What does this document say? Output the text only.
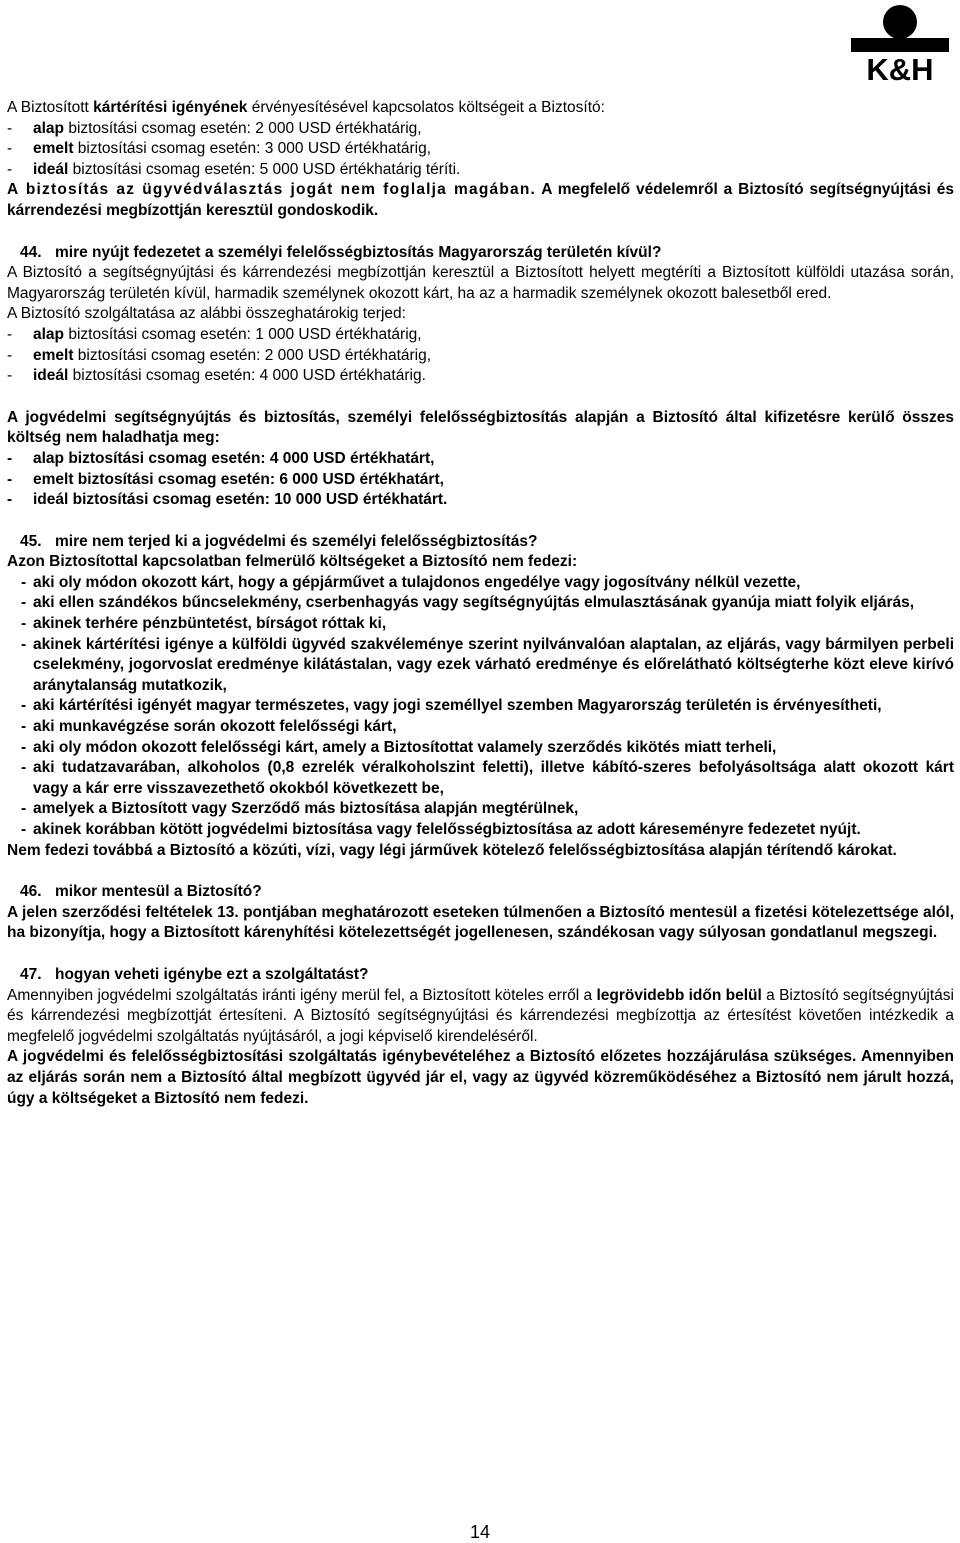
K&H

A Biztosított kártérítési igényének érvényesítésével kapcsolatos költségeit a Biztosító:

-	alap biztosítási csomag esetén: 2 000 USD értékhatárig,
-	emelt biztosítási csomag esetén: 3 000 USD értékhatárig,
-	ideál biztosítási csomag esetén: 5 000 USD értékhatárig téríti.

A biztosítás az ügyvédválasztás jogát nem foglalja magában. A megfelelő védelemről a Biztosító segítségnyújtási és kárrendezési megbízottján keresztül gondoskodik.

44. mire nyújt fedezetet a személyi felelősségbiztosítás Magyarország területén kívül?

A Biztosító a segítségnyújtási és kárrendezési megbízottján keresztül a Biztosított helyett megtéríti a Biztosított külföldi utazása során, Magyarország területén kívül, harmadik személynek okozott kárt, ha az a harmadik személynek okozott balesetből ered.

A Biztosító szolgáltatása az alábbi összeghatárokig terjed:

-	alap biztosítási csomag esetén: 1 000 USD értékhatárig,
-	emelt biztosítási csomag esetén: 2 000 USD értékhatárig,
-	ideál biztosítási csomag esetén: 4 000 USD értékhatárig.

A jogvédelmi segítségnyújtás és biztosítás, személyi felelősségbiztosítás alapján a Biztosító által kifizetésre kerülő összes költség nem haladhatja meg:

-	alap biztosítási csomag esetén: 4 000 USD értékhatárt,
-	emelt biztosítási csomag esetén: 6 000 USD értékhatárt,
-	ideál biztosítási csomag esetén: 10 000 USD értékhatárt.

45. mire nem terjed ki a jogvédelmi és személyi felelősségbiztosítás?

Azon Biztosítottal kapcsolatban felmerülő költségeket a Biztosító nem fedezi:

- aki oly módon okozott kárt, hogy a gépjárművet a tulajdonos engedélye vagy jogosítvány nélkül vezette,
- aki ellen szándékos bűncselekmény, cserbenhagyás vagy segítségnyújtás elmulasztásának gyanúja miatt folyik eljárás,
- akinek terhére pénzbüntetést, bírságot róttak ki,
- akinek kártérítési igénye a külföldi ügyvéd szakvéleménye szerint nyilvánvalóan alaptalan, az eljárás, vagy bármilyen perbeli cselekmény, jogorvoslat eredménye kilátástalan, vagy ezek várható eredménye és előrelátható költségterhe közt eleve kirívó aránytalanság mutatkozik,
- aki kártérítési igényét magyar természetes, vagy jogi személlyel szemben Magyarország területén is érvényesítheti,
- aki munkavégzése során okozott felelősségi kárt,
- aki oly módon okozott felelősségi kárt, amely a Biztosítottat valamely szerződés kikötés miatt terheli,
- aki tudatzavarában, alkoholos (0,8 ezrelék véralkoholszint feletti), illetve kábító-szeres befolyásoltsága alatt okozott kárt vagy a kár erre visszavezethető okokból következett be,
- amelyek a Biztosított vagy Szerződő más biztosítása alapján megtérülnek,
- akinek korábban kötött jogvédelmi biztosítása vagy felelősségbiztosítása az adott káreseményre fedezetet nyújt.

Nem fedezi továbbá a Biztosító a közúti, vízi, vagy légi járművek kötelező felelősségbiztosítása alapján térítendő károkat.

46. mikor mentesül a Biztosító?

A jelen szerződési feltételek 13. pontjában meghatározott eseteken túlmenően a Biztosító mentesül a fizetési kötelezettsége alól, ha bizonyítja, hogy a Biztosított kárenyhítési kötelezettségét jogellenesen, szándékosan vagy súlyosan gondatlanul megszegi.

47. hogyan veheti igénybe ezt a szolgáltatást?

Amennyiben jogvédelmi szolgáltatás iránti igény merül fel, a Biztosított köteles erről a legrövidebb időn belül a Biztosító segítségnyújtási és kárrendezési megbízottját értesíteni. A Biztosító segítségnyújtási és kárrendezési megbízottja az értesítést követően intézkedik a megfelelő jogvédelmi szolgáltatás nyújtásáról, a jogi képviselő kirendeléséről.

A jogvédelmi és felelősségbiztosítási szolgáltatás igénybevételéhez a Biztosító előzetes hozzájárulása szükséges. Amennyiben az eljárás során nem a Biztosító által megbízott ügyvéd jár el, vagy az ügyvéd közreműködéséhez a Biztosító nem járult hozzá, úgy a költségeket a Biztosító nem fedezi.

14
